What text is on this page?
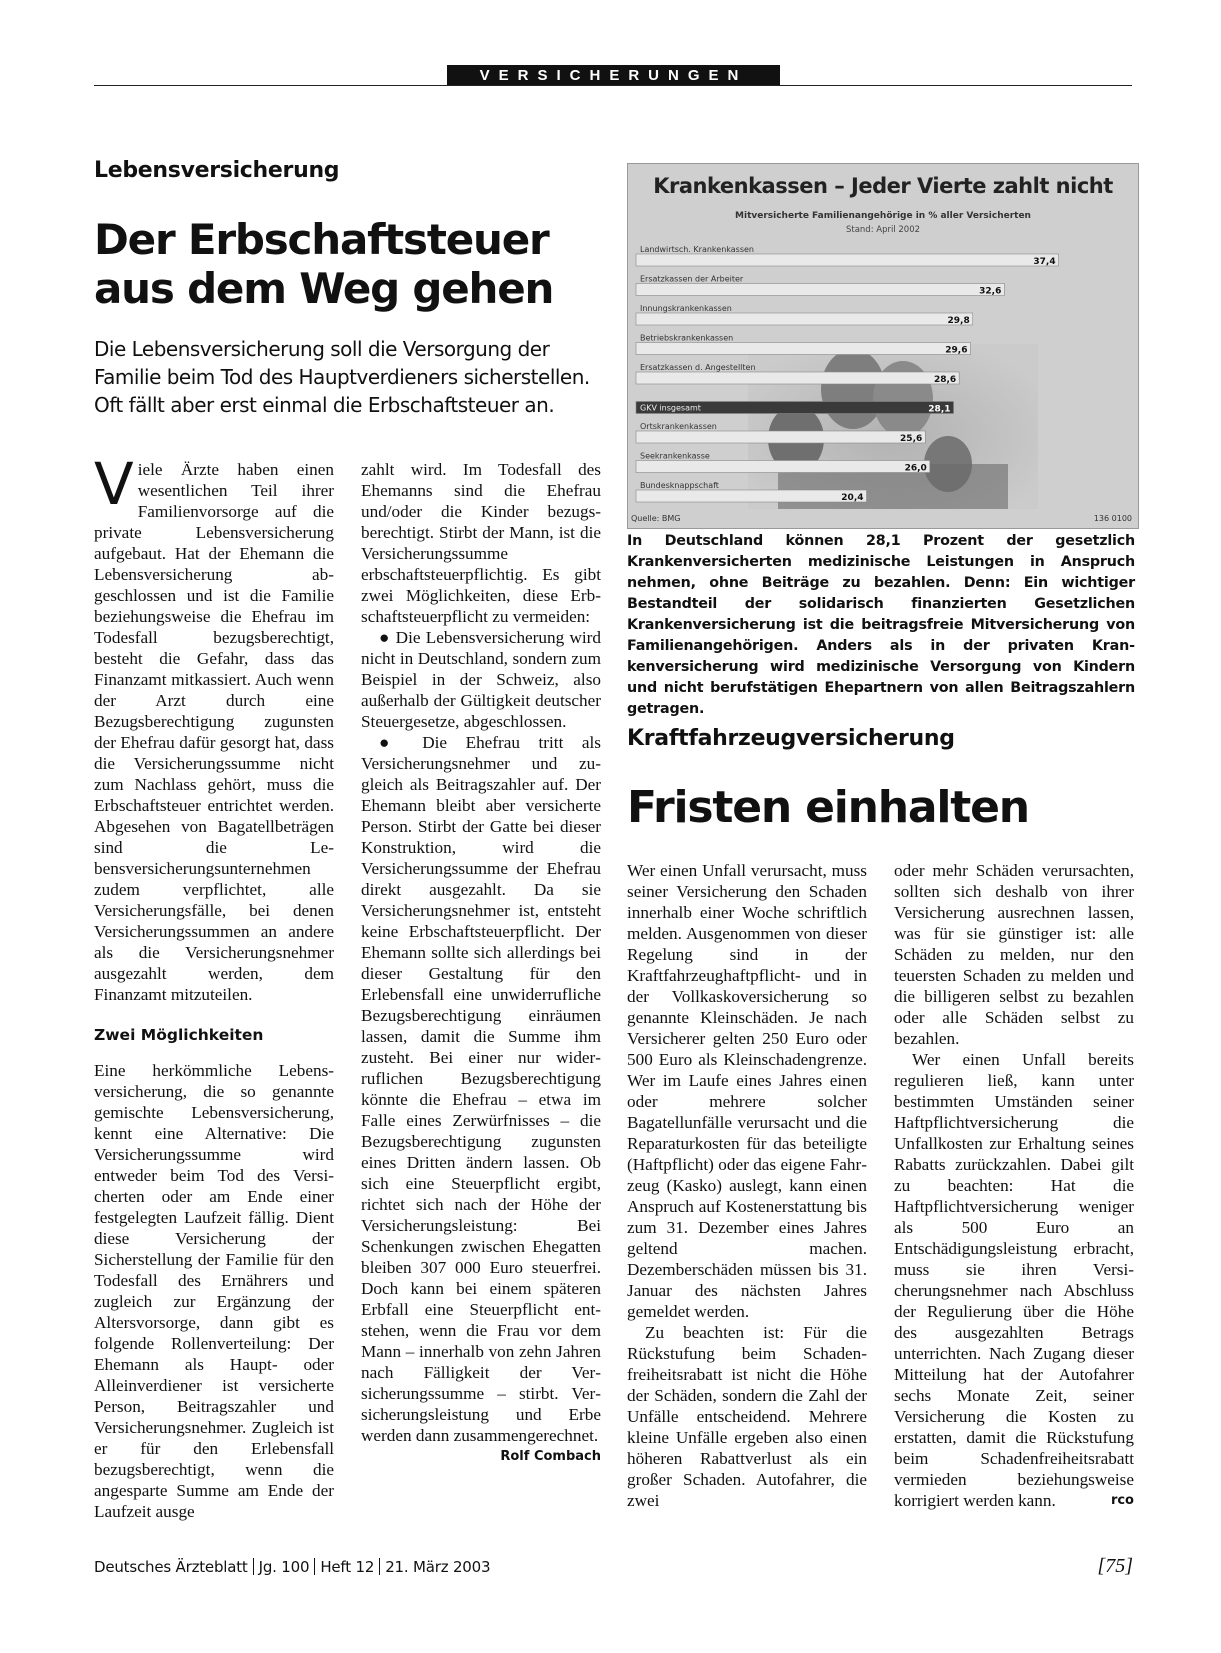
VERSICHERUNGEN
Lebensversicherung
Der Erbschaftsteuer aus dem Weg gehen
Die Lebensversicherung soll die Versorgung der Familie beim Tod des Hauptverdieners sicherstellen. Oft fällt aber erst einmal die Erbschaftsteuer an.

Viele Ärzte haben einen wesentlichen Teil ihrer Familienvorsorge auf die private Lebensversicherung aufgebaut. Hat der Ehemann die Lebensversicherung abgeschlossen und ist die Familie beziehungsweise die Ehefrau im Todesfall bezugsberechtigt, besteht die Gefahr, dass das Finanzamt mitkassiert. Auch wenn der Arzt durch eine Bezugsberechtigung zugunsten der Ehefrau dafür gesorgt hat, dass die Versicherungssumme nicht zum Nachlass gehört, muss die Erbschaftsteuer entrichtet werden. Abgesehen von Bagatellbeträgen sind die Lebensversicherungsunternehmen zudem verpflichtet, alle Versicherungsfälle, bei denen Versicherungssummen an andere als die Versicherungsnehmer ausgezahlt werden, dem Finanzamt mitzuteilen.

Zwei Möglichkeiten

Eine herkömmliche Lebensversicherung, die so genannte gemischte Lebensversicherung, kennt eine Alternative: Die Versicherungssumme wird entweder beim Tod des Versicherten oder am Ende einer festgelegten Laufzeit fällig. Dient diese Versicherung der Sicherstellung der Familie für den Todesfall des Ernährers und zugleich zur Ergänzung der Altersvorsorge, dann gibt es folgende Rollenverteilung: Der Ehemann als Haupt- oder Alleinverdiener ist versicherte Person, Beitragszahler und Versicherungsnehmer. Zugleich ist er für den Erlebensfall bezugsberechtigt, wenn die angesparte Summe am Ende der Laufzeit ausge

zahlt wird. Im Todesfall des Ehemanns sind die Ehefrau und/oder die Kinder bezugsberechtigt. Stirbt der Mann, ist die Versicherungssumme erbschaftsteuerpflichtig. Es gibt zwei Möglichkeiten, diese Erbschaftsteuerpflicht zu vermeiden:

● Die Lebensversicherung wird nicht in Deutschland, sondern zum Beispiel in der Schweiz, also außerhalb der Gültigkeit deutscher Steuergesetze, abgeschlossen.

● Die Ehefrau tritt als Versicherungsnehmer und zugleich als Beitragszahler auf. Der Ehemann bleibt aber versicherte Person. Stirbt der Gatte bei dieser Konstruktion, wird die Versicherungssumme der Ehefrau direkt ausgezahlt. Da sie Versicherungsnehmer ist, entsteht keine Erbschaftsteuerpflicht. Der Ehemann sollte sich allerdings bei dieser Gestaltung für den Erlebensfall eine unwiderrufliche Bezugsberechtigung einräumen lassen, damit die Summe ihm zusteht. Bei einer nur widerruflichen Bezugsberechtigung könnte die Ehefrau – etwa im Falle eines Zerwürfnisses – die Bezugsberechtigung zugunsten eines Dritten ändern lassen. Ob sich eine Steuerpflicht ergibt, richtet sich nach der Höhe der Versicherungsleistung: Bei Schenkungen zwischen Ehegatten bleiben 307 000 Euro steuerfrei. Doch kann bei einem späteren Erbfall eine Steuerpflicht entstehen, wenn die Frau vor dem Mann – innerhalb von zehn Jahren nach Fälligkeit der Versicherungssumme – stirbt. Versicherungsleistung und Erbe werden dann zusammengerechnet.
Rolf Combach

Landwirtsch. Krankenkassen
37,4
Ersatzkassen der Arbeiter
32,6
Innungskrankenkassen
29,8
Betriebskrankenkassen
29,6
Ersatzkassen d. Angestellten
28,6
GKV insgesamt	28,1
Ortskrankenkassen
25,6
Seekrankenkasse
26,0
Bundesknappschaft
20,4
Krankenkassen – Jeder Vierte zahlt nicht
Mitversicherte Familienangehörige in % aller Versicherten
Stand: April 2002
Quelle: BMG	136 0100
In Deutschland können 28,1 Prozent der gesetzlich Krankenversicherten medizinische Leistungen in Anspruch nehmen, ohne Beiträge zu bezahlen. Denn: Ein wichtiger Bestandteil der solidarisch finanzierten Gesetzlichen Krankenversicherung ist die beitragsfreie Mitversicherung von Familienangehörigen. Anders als in der privaten Krankenversicherung wird medizinische Versorgung von Kindern und nicht berufstätigen Ehepartnern von allen Beitragszahlern getragen.
Kraftfahrzeugversicherung
Fristen einhalten

Wer einen Unfall verursacht, muss seiner Versicherung den Schaden innerhalb einer Woche schriftlich melden. Ausgenommen von dieser Regelung sind in der Kraftfahrzeughaftpflicht- und in der Vollkaskoversicherung so genannte Kleinschäden. Je nach Versicherer gelten 250 Euro oder 500 Euro als Kleinschadengrenze. Wer im Laufe eines Jahres einen oder mehrere solcher Bagatellunfälle verursacht und die Reparaturkosten für das beteiligte (Haftpflicht) oder das eigene Fahrzeug (Kasko) auslegt, kann einen Anspruch auf Kostenerstattung bis zum 31. Dezember eines Jahres geltend machen. Dezemberschäden müssen bis 31. Januar des nächsten Jahres gemeldet werden.

Zu beachten ist: Für die Rückstufung beim Schadenfreiheitsrabatt ist nicht die Höhe der Schäden, sondern die Zahl der Unfälle entscheidend. Mehrere kleine Unfälle ergeben also einen höheren Rabattverlust als ein großer Schaden. Autofahrer, die zwei

oder mehr Schäden verursachten, sollten sich deshalb von ihrer Versicherung ausrechnen lassen, was für sie günstiger ist: alle Schäden zu melden, nur den teuersten Schaden zu melden und die billigeren selbst zu bezahlen oder alle Schäden selbst zu bezahlen.

Wer einen Unfall bereits regulieren ließ, kann unter bestimmten Umständen seiner Haftpflichtversicherung die Unfallkosten zur Erhaltung seines Rabatts zurückzahlen. Dabei gilt zu beachten: Hat die Haftpflichtversicherung weniger als 500 Euro an Entschädigungsleistung erbracht, muss sie ihren Versicherungsnehmer nach Abschluss der Regulierung über die Höhe des ausgezahlten Betrags unterrichten. Nach Zugang dieser Mitteilung hat der Autofahrer sechs Monate Zeit, seiner Versicherung die Kosten zu erstatten, damit die Rückstufung beim Schadenfreiheitsrabatt vermieden beziehungsweise korrigiert werden kann.	rco

Deutsches Ärzteblatt Jg. 100 Heft 12 21. März 2003	[75]
